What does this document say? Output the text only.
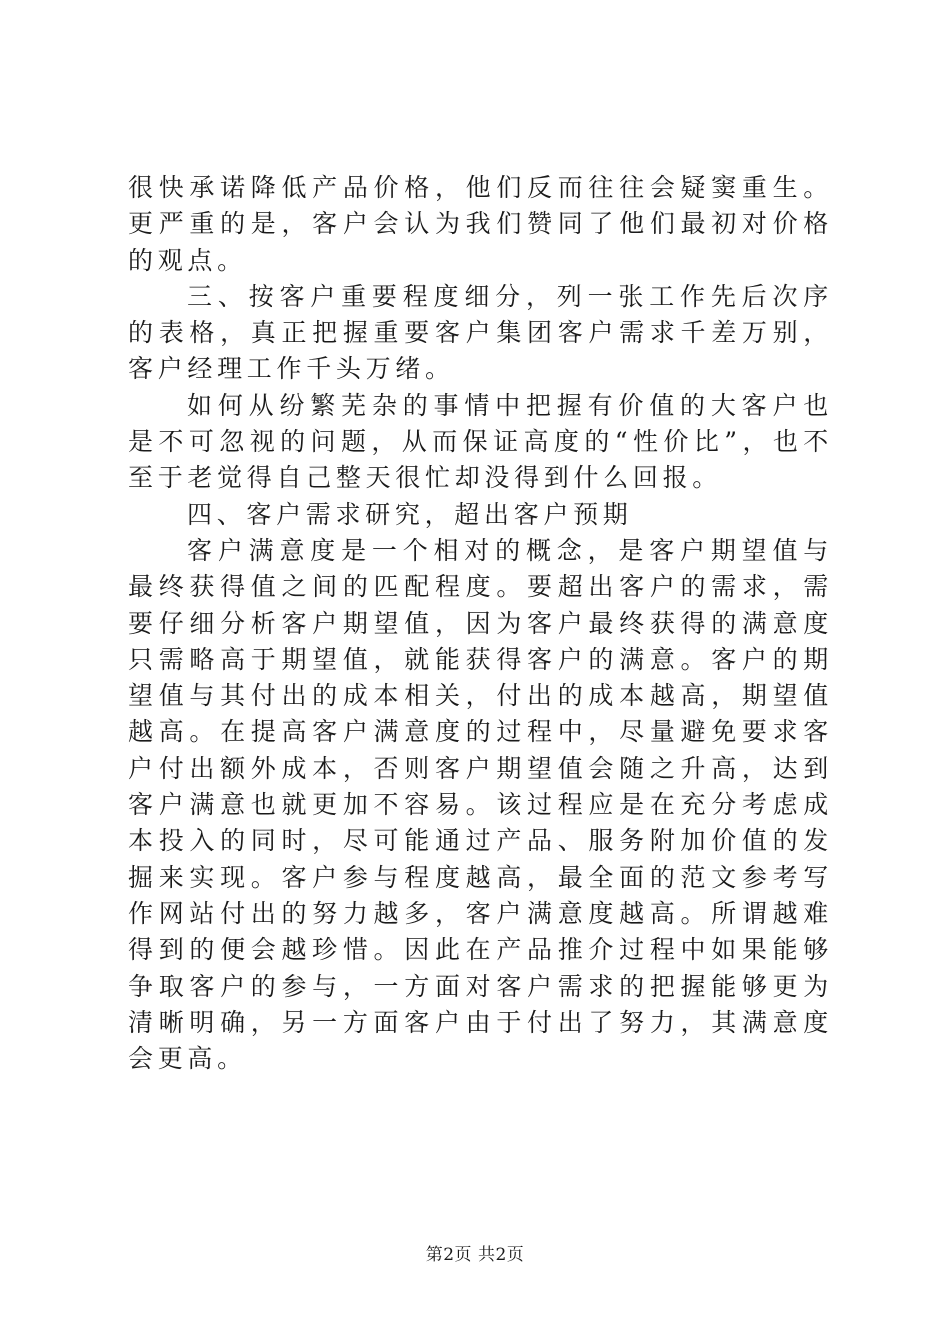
很快承诺降低产品价格，他们反而往往会疑窦重生。更严重的是，客户会认为我们赞同了他们最初对价格的观点。

三、按客户重要程度细分，列一张工作先后次序的表格，真正把握重要客户集团客户需求千差万别，客户经理工作千头万绪。

如何从纷繁芜杂的事情中把握有价值的大客户也是不可忽视的问题，从而保证高度的“性价比”，也不至于老觉得自己整天很忙却没得到什么回报。

四、客户需求研究，超出客户预期

客户满意度是一个相对的概念，是客户期望值与最终获得值之间的匹配程度。要超出客户的需求，需要仔细分析客户期望值，因为客户最终获得的满意度只需略高于期望值，就能获得客户的满意。客户的期望值与其付出的成本相关，付出的成本越高，期望值越高。在提高客户满意度的过程中，尽量避免要求客户付出额外成本，否则客户期望值会随之升高，达到客户满意也就更加不容易。该过程应是在充分考虑成本投入的同时，尽可能通过产品、服务附加价值的发掘来实现。客户参与程度越高，最全面的范文参考写作网站付出的努力越多，客户满意度越高。所谓越难得到的便会越珍惜。因此在产品推介过程中如果能够争取客户的参与，一方面对客户需求的把握能够更为清晰明确，另一方面客户由于付出了努力，其满意度会更高。

第2页 共2页
